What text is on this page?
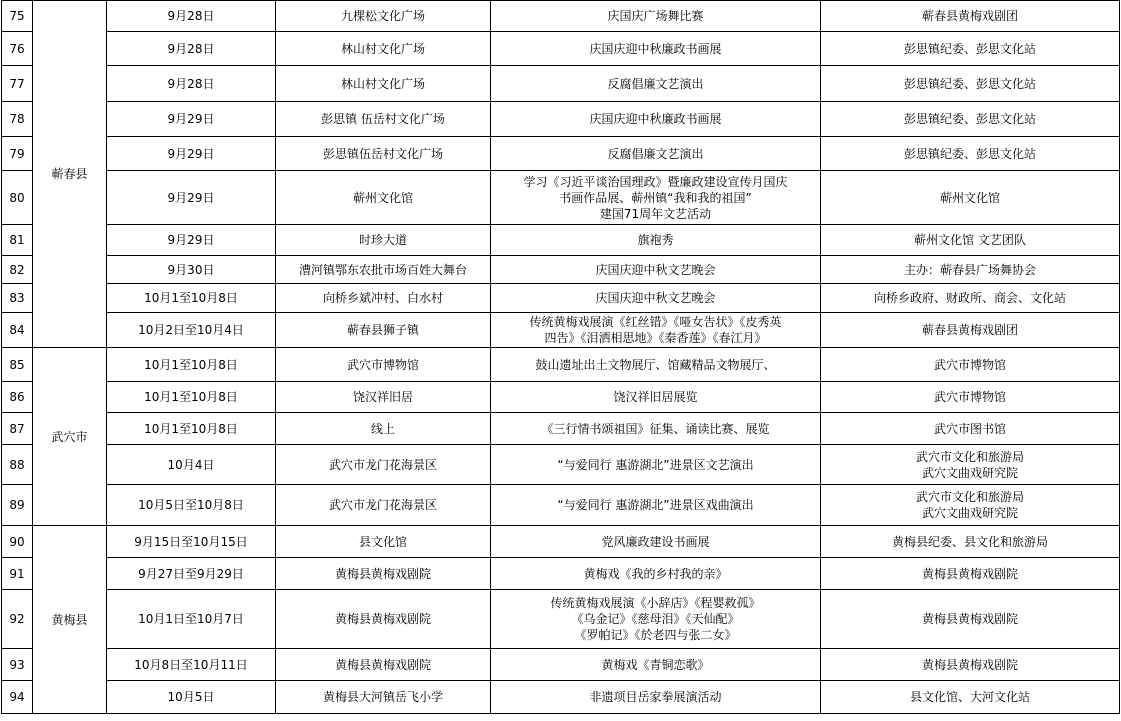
75	蕲春县	9月28日	九棵松文化广场	庆国庆广场舞比赛	蕲春县黄梅戏剧团

76		9月28日	林山村文化广场	庆国庆迎中秋廉政书画展	彭思镇纪委、彭思文化站

77		9月28日	林山村文化广场	反腐倡廉文艺演出	彭思镇纪委、彭思文化站

78		9月29日	彭思镇 伍岳村文化广场	庆国庆迎中秋廉政书画展	彭思镇纪委、彭思文化站

79		9月29日	彭思镇伍岳村文化广场	反腐倡廉文艺演出	彭思镇纪委、彭思文化站

80		9月29日	蕲州文化馆	学习《习近平谈治国理政》暨廉政建设宣传月国庆
书画作品展、蕲州镇“我和我的祖国”
建国71周年文艺活动	蕲州文化馆

81		9月29日	时珍大道	旗袍秀	蕲州文化馆 文艺团队

82		9月30日	漕河镇鄂东农批市场百姓大舞台	庆国庆迎中秋文艺晚会	主办：蕲春县广场舞协会

83		10月1至10月8日	向桥乡斌冲村、白水村	庆国庆迎中秋文艺晚会	向桥乡政府、财政所、商会、文化站

84		10月2日至10月4日	蕲春县狮子镇	传统黄梅戏展演《红丝错》《哑女告状》《皮秀英
四告》《泪洒相思地》《秦香莲》《春江月》	蕲春县黄梅戏剧团

85	武穴市	10月1至10月8日	武穴市博物馆	鼓山遗址出土文物展厅、馆藏精品文物展厅、	武穴市博物馆

86		10月1至10月8日	饶汉祥旧居	饶汉祥旧居展览	武穴市博物馆

87		10月1至10月8日	线上	《三行情书颂祖国》征集、诵读比赛、展览	武穴市图书馆

88		10月4日	武穴市龙门花海景区	“与爱同行 惠游湖北”进景区文艺演出	武穴市文化和旅游局
武穴文曲戏研究院

89		10月5日至10月8日	武穴市龙门花海景区	“与爱同行 惠游湖北”进景区戏曲演出	武穴市文化和旅游局
武穴文曲戏研究院

90	黄梅县	9月15日至10月15日	县文化馆	党风廉政建设书画展	黄梅县纪委、县文化和旅游局

91		9月27日至9月29日	黄梅县黄梅戏剧院	黄梅戏《我的乡村我的亲》	黄梅县黄梅戏剧院

92		10月1日至10月7日	黄梅县黄梅戏剧院	传统黄梅戏展演《小辞店》《程婴救孤》
《乌金记》《慈母泪》《天仙配》
《罗帕记》《於老四与张二女》	黄梅县黄梅戏剧院

93		10月8日至10月11日	黄梅县黄梅戏剧院	黄梅戏《青铜恋歌》	黄梅县黄梅戏剧院

94		10月5日	黄梅县大河镇岳飞小学	非遗项目岳家拳展演活动	县文化馆、大河文化站
